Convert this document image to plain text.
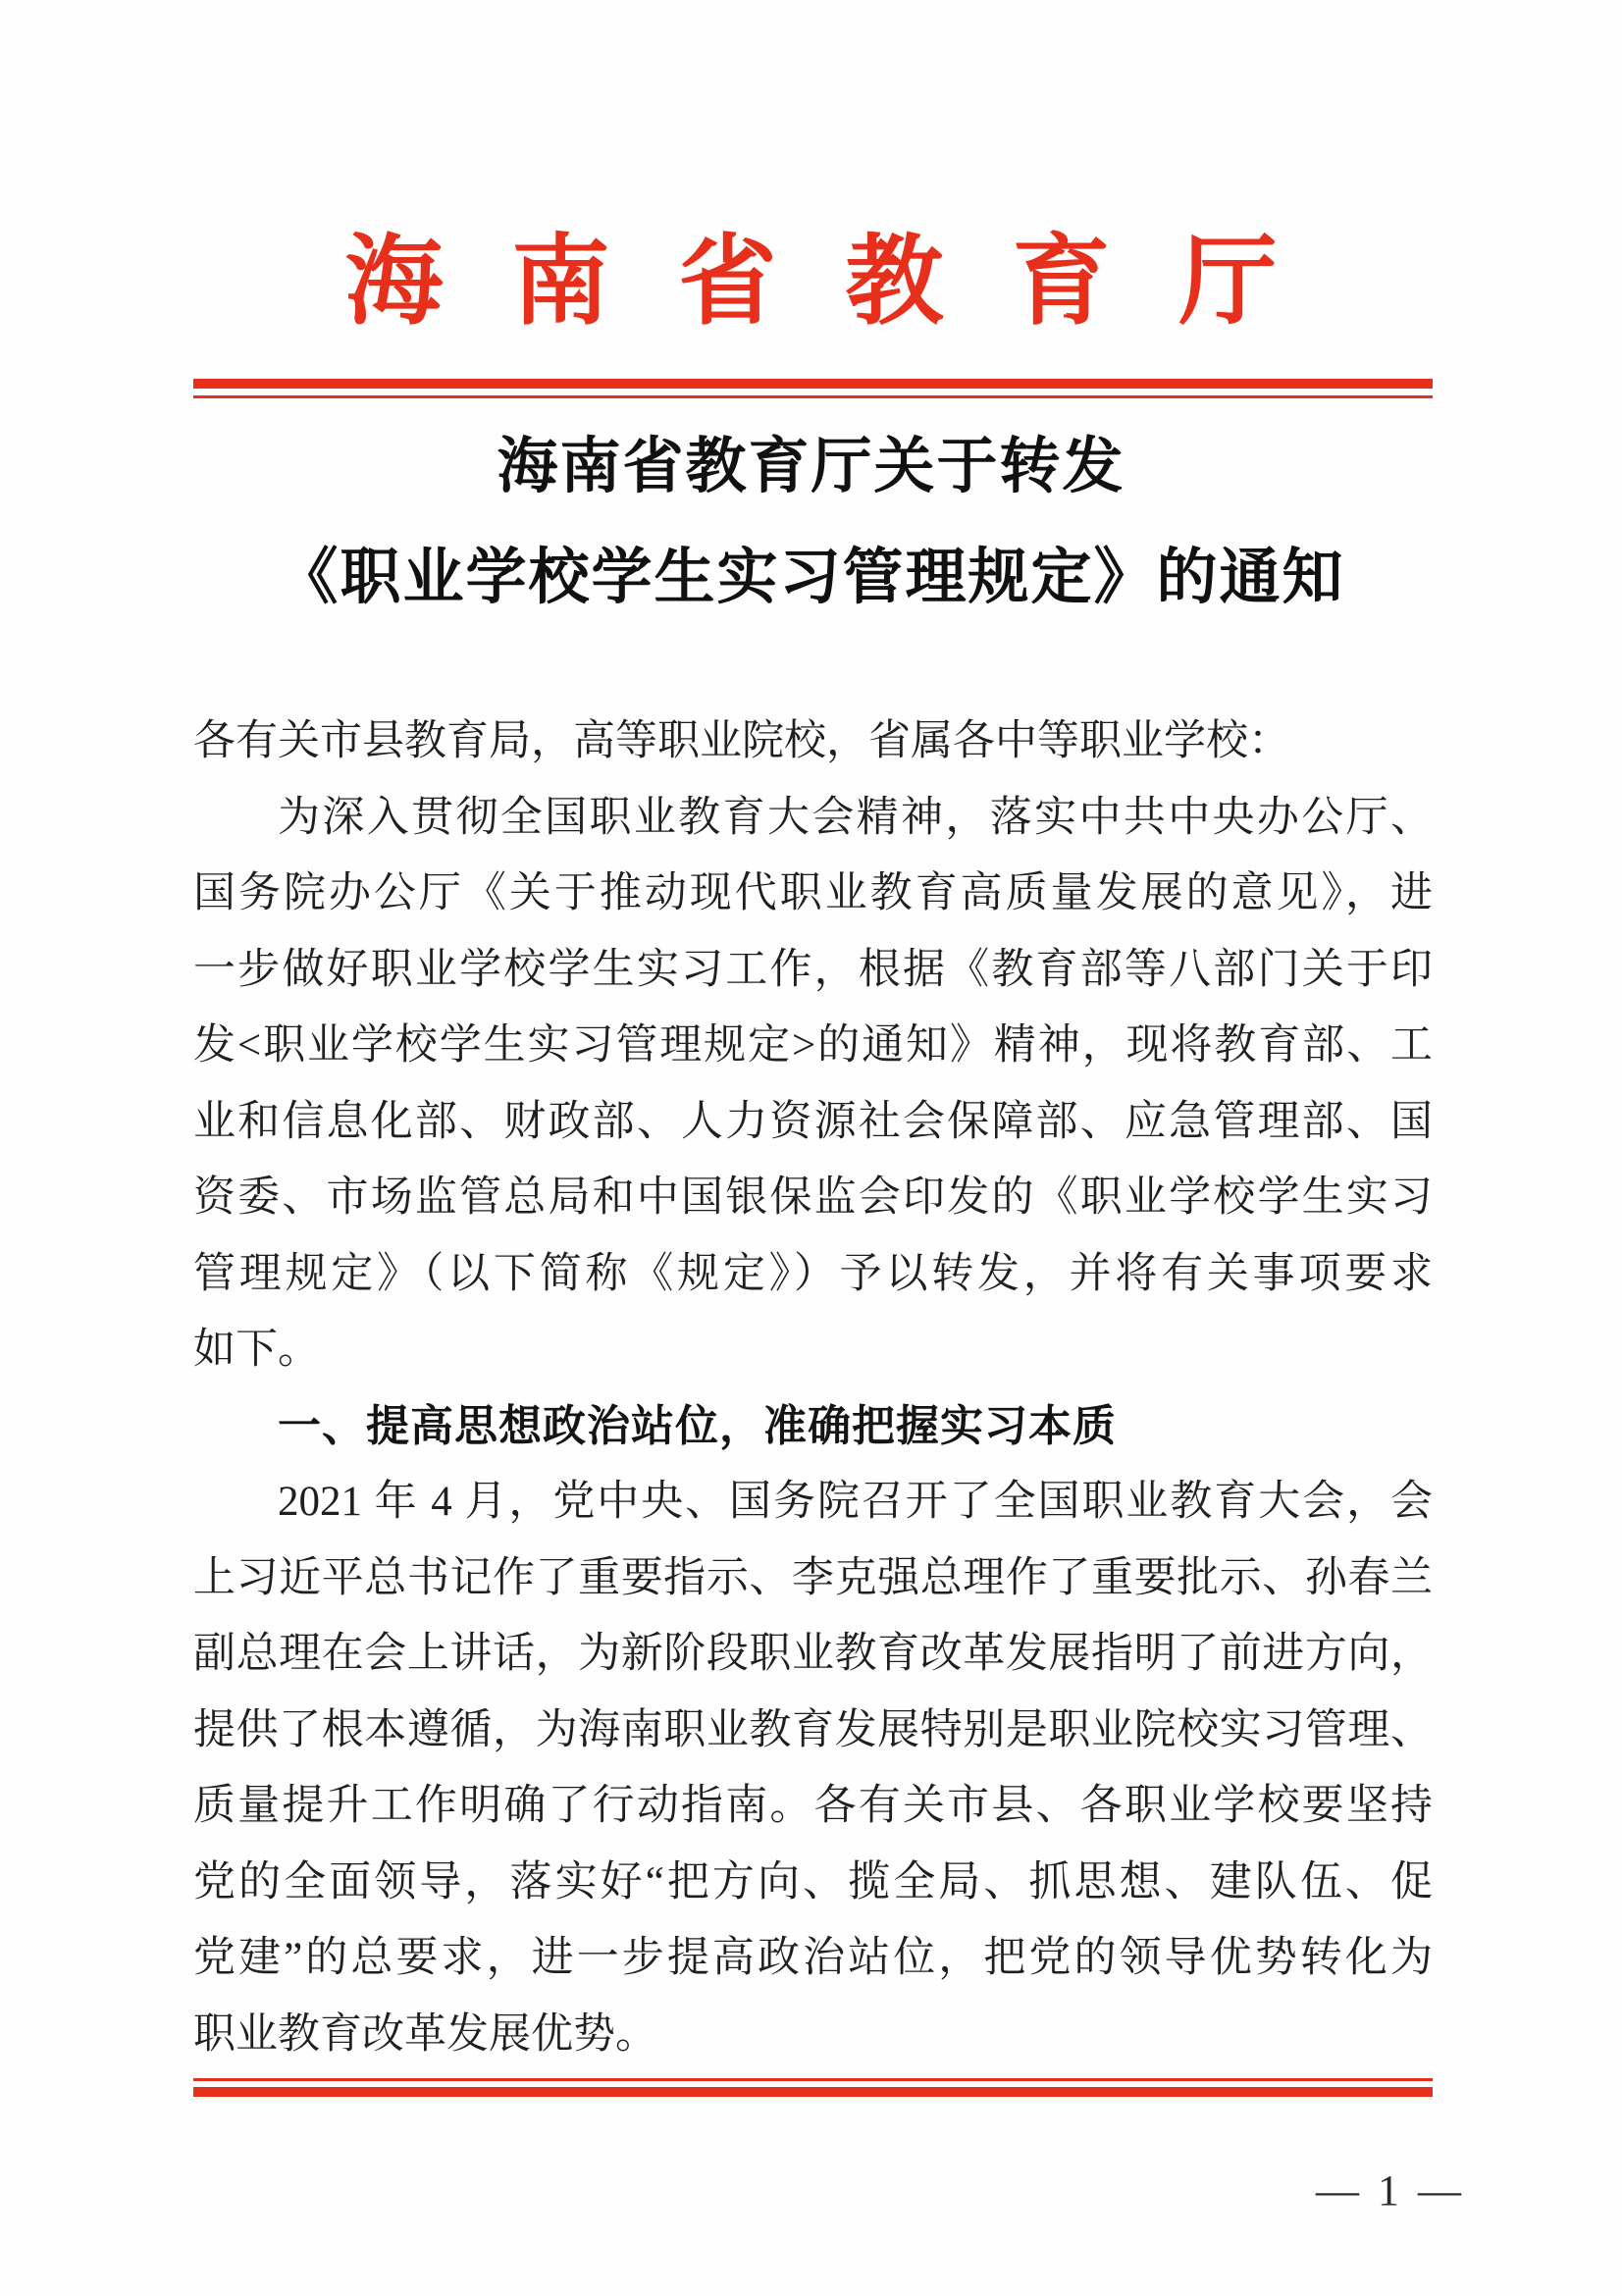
海南省教育厅
海南省教育厅关于转发
《职业学校学生实习管理规定》的通知
各有关市县教育局，高等职业院校，省属各中等职业学校：
为深入贯彻全国职业教育大会精神，落实中共中央办公厅、
国务院办公厅《关于推动现代职业教育高质量发展的意见》，进
一步做好职业学校学生实习工作，根据《教育部等八部门关于印
发<职业学校学生实习管理规定>的通知》精神，现将教育部、工
业和信息化部、财政部、人力资源社会保障部、应急管理部、国
资委、市场监管总局和中国银保监会印发的《职业学校学生实习
管理规定》（以下简称《规定》）予以转发，并将有关事项要求
如下。
一、提高思想政治站位，准确把握实习本质
2021 年 4 月，党中央、国务院召开了全国职业教育大会，会
上习近平总书记作了重要指示、李克强总理作了重要批示、孙春兰
副总理在会上讲话，为新阶段职业教育改革发展指明了前进方向，
提供了根本遵循，为海南职业教育发展特别是职业院校实习管理、
质量提升工作明确了行动指南。各有关市县、各职业学校要坚持
党的全面领导，落实好“把方向、揽全局、抓思想、建队伍、促
党建”的总要求，进一步提高政治站位，把党的领导优势转化为
职业教育改革发展优势。
— 1 —
